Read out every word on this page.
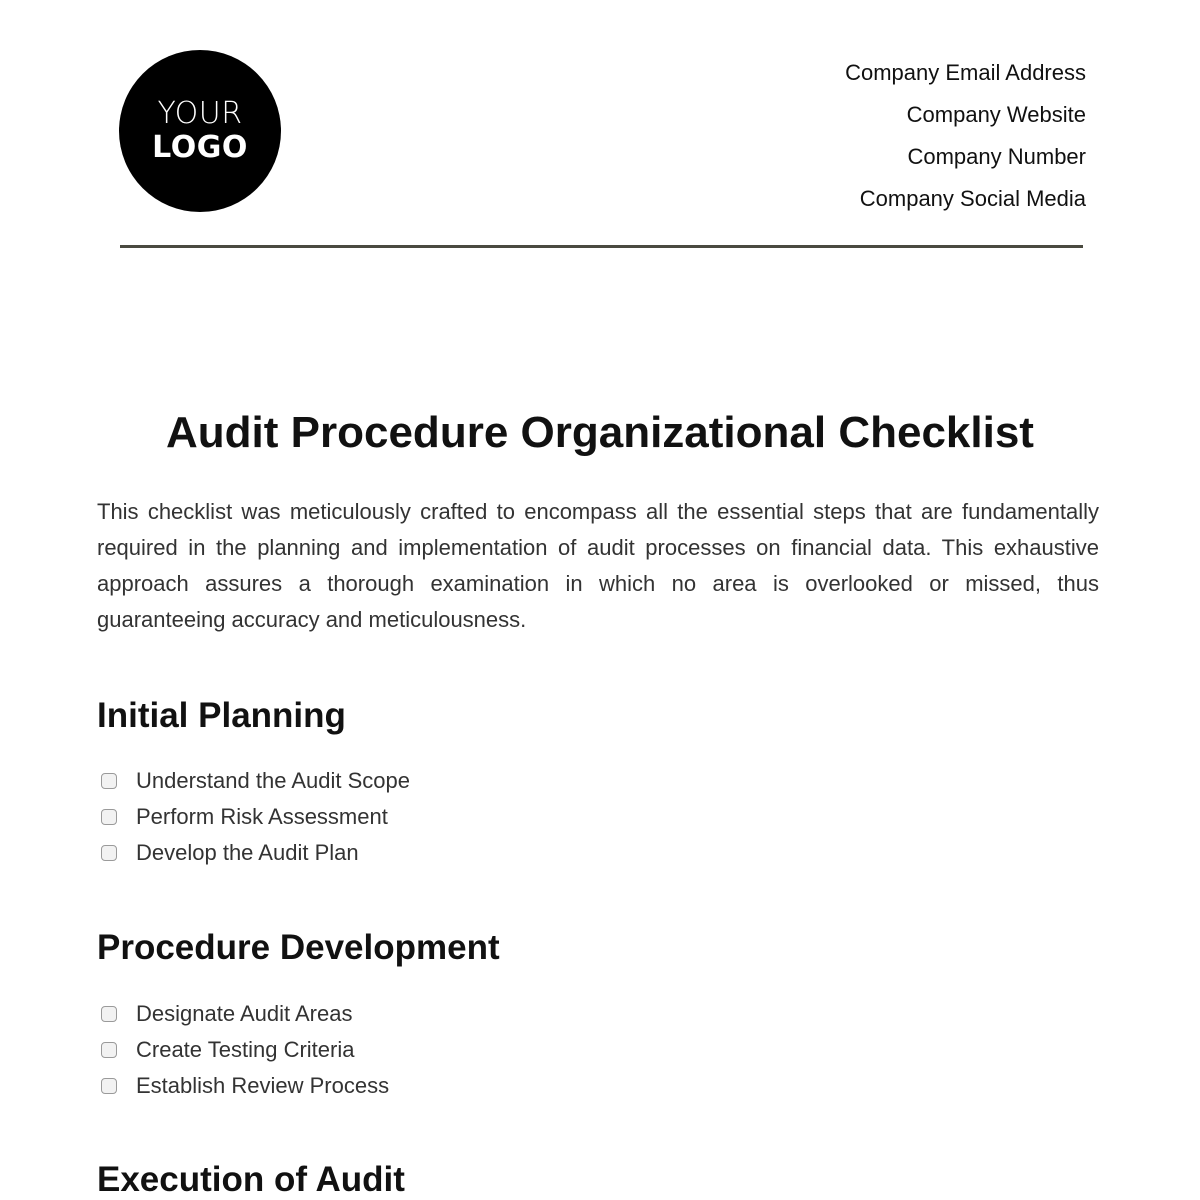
YOUR
LOGO
Company Email Address
Company Website
Company Number
Company Social Media
Audit Procedure Organizational Checklist

This checklist was meticulously crafted to encompass all the essential steps that are fundamentally required in the planning and implementation of audit processes on financial data. This exhaustive approach assures a thorough examination in which no area is overlooked or missed, thus guaranteeing accuracy and meticulousness.

Initial Planning
Understand the Audit Scope
Perform Risk Assessment
Develop the Audit Plan
Procedure Development
Designate Audit Areas
Create Testing Criteria
Establish Review Process
Execution of Audit
